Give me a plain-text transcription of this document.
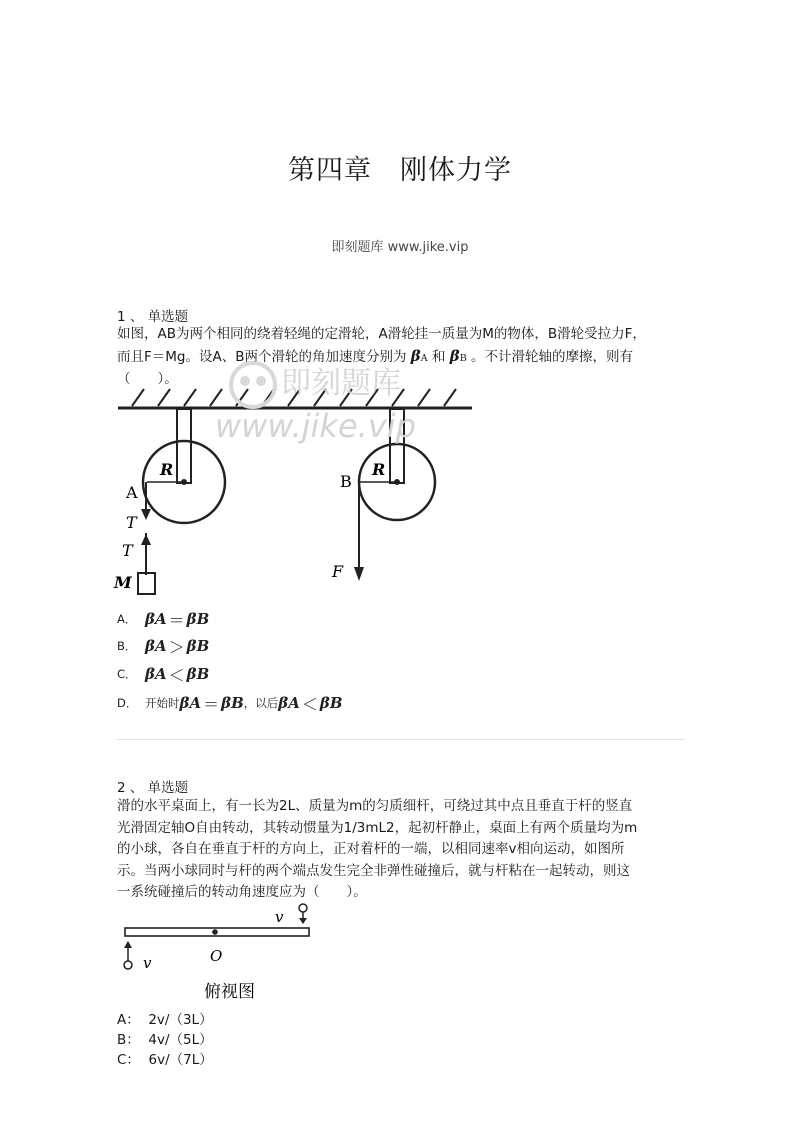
第四章　刚体力学
即刻题库 www.jike.vip
1 、 单选题
如图，AB为两个相同的绕着轻绳的定滑轮，A滑轮挂一质量为M的物体，B滑轮受拉力F，
而且F＝Mg。设A、B两个滑轮的角加速度分别为 βA 和 βB 。不计滑轮轴的摩擦，则有
（　　）。
R
A
T
T
M
R
B
F
即刻题库
www.jike.vip
A． β A ＝ β B
B． β A ＞ β B
C． β A ＜ β B
D． 开始时 β A ＝ β B ，以后 β A ＜ β B
2 、 单选题
滑的水平桌面上，有一长为2L、质量为m的匀质细杆，可绕过其中点且垂直于杆的竖直
光滑固定轴O自由转动，其转动惯量为1/3mL2，起初杆静止，桌面上有两个质量均为m
的小球，各自在垂直于杆的方向上，正对着杆的一端，以相同速率v相向运动，如图所
示。当两小球同时与杆的两个端点发生完全非弹性碰撞后，就与杆粘在一起转动，则这
一系统碰撞后的转动角速度应为（　　）。
v
v	O
俯视图
A： 2v/（3L）
B： 4v/（5L）
C： 6v/（7L）
